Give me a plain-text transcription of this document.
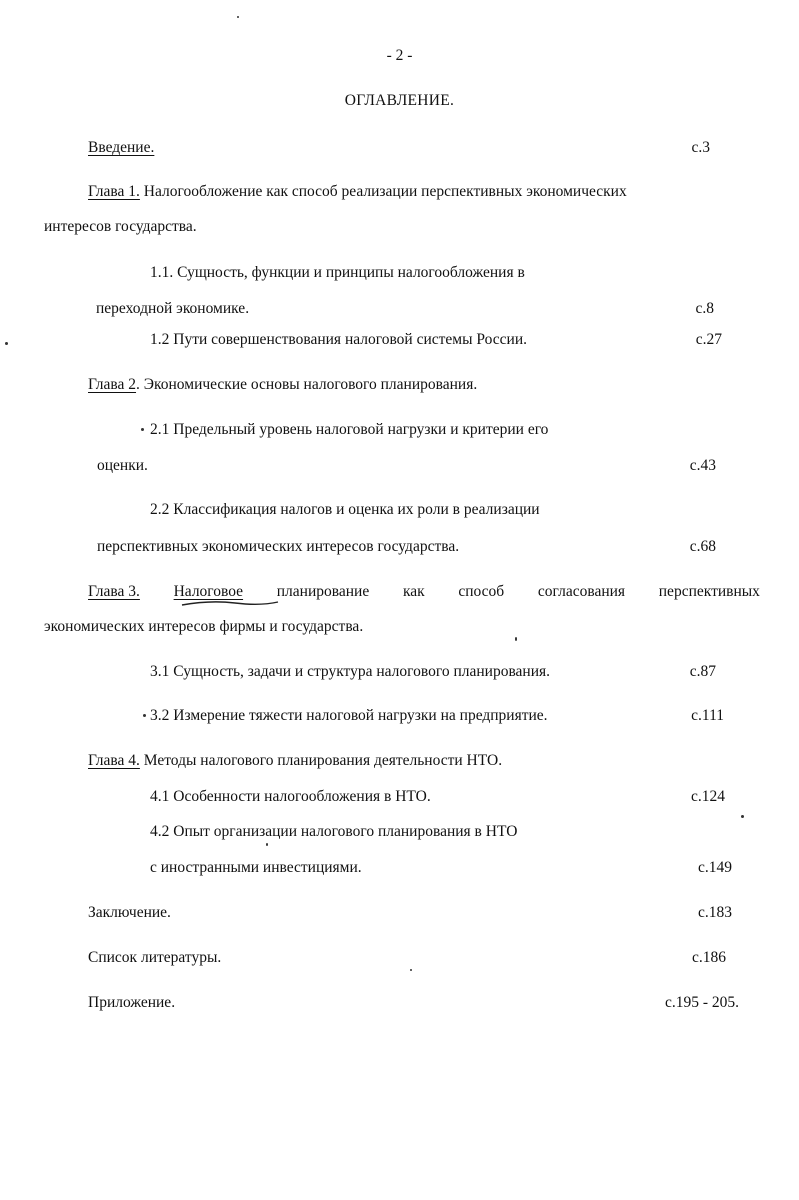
- 2 -
ОГЛАВЛЕНИЕ.
Введение.	с.3
Глава 1. Налогообложение как способ реализации перспективных экономических
интересов государства.
1.1. Сущность, функции и принципы налогообложения в
переходной экономике.	с.8
1.2 Пути совершенствования налоговой системы России.	с.27
Глава 2. Экономические основы налогового планирования.
2.1 Предельный уровень налоговой нагрузки и критерии его
оценки.	с.43
2.2 Классификация налогов и оценка их роли в реализации
перспективных экономических интересов государства.	с.68
Глава 3. Налоговое планирование как способ согласования перспективных
экономических интересов фирмы и государства.
3.1 Сущность, задачи и структура налогового планирования.	с.87
3.2 Измерение тяжести налоговой нагрузки на предприятие.	с.111
Глава 4. Методы налогового планирования деятельности НТО.
4.1 Особенности налогообложения в НТО.	с.124
4.2 Опыт организации налогового планирования в НТО
с иностранными инвестициями.	с.149
Заключение.	с.183
Список литературы.	с.186
Приложение.	с.195 - 205.
